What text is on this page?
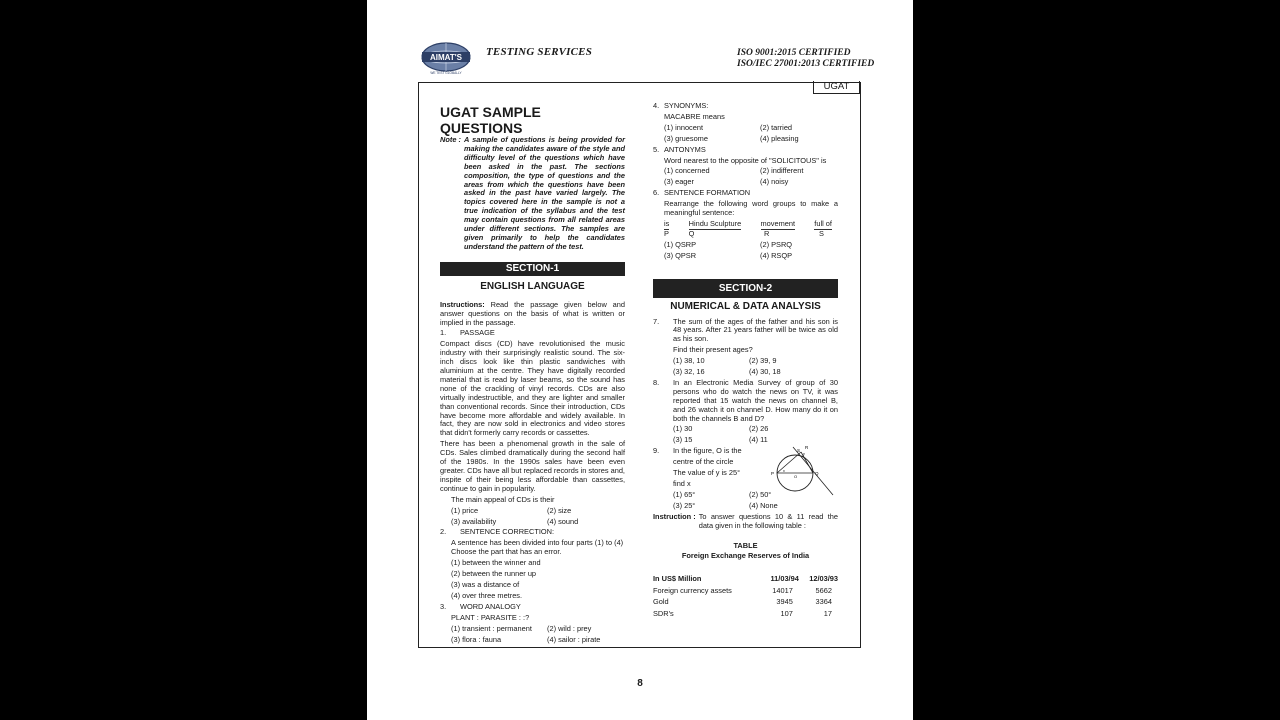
AIMAT'S
WE TEST GLOBALLY
TESTING SERVICES	ISO 9001:2015 CERTIFIED
ISO/IEC 27001:2013 CERTIFIED
UGAT

UGAT SAMPLE QUESTIONS

Note : A sample of questions is being provided for making the candidates aware of the style and difficulty level of the questions which have been asked in the past. The sections composition, the type of questions and the areas from which the questions have been asked in the past have varied largely. The topics covered here in the sample is not a true indication of the syllabus and the test may contain questions from all related areas under different sections. The samples are given primarily to help the candidates understand the pattern of the test.
SECTION-1
ENGLISH LANGUAGE

Instructions: Read the passage given below and answer questions on the basis of what is written or implied in the passage.

1.	PASSAGE

Compact discs (CD) have revolutionised the music industry with their surprisingly realistic sound. The six-inch discs look like thin plastic sandwiches with aluminium at the centre. They have digitally recorded material that is read by laser beams, so the sound has none of the crackling of vinyl records. CDs are also virtually indestructible, and they are lighter and smaller than conventional records. Since their introduction, CDs have become more affordable and widely available. In fact, they are now sold in electronics and video stores that didn't formerly carry records or cassettes.

There has been a phenomenal growth in the sale of CDs. Sales climbed dramatically during the second half of the 1980s. In the 1990s sales have been even greater. CDs have all but replaced records in stores and, inspite of their being less affordable than cassettes, continue to gain in popularity.

The main appeal of CDs is their

(1) price	(2) size
(3) availability	(4) sound
2.	SENTENCE CORRECTION:

A sentence has been divided into four parts (1) to (4) Choose the part that has an error.

(1) between the winner and

(2) between the runner up

(3) was a distance of

(4) over three metres.

3.	WORD ANALOGY

PLANT : PARASITE : :?

(1) transient : permanent	(2) wild : prey
(3) flora : fauna	(4) sailor : pirate
4. SYNONYMS:

MACABRE means

(1) innocent	(2) tarried
(3) gruesome	(4) pleasing
5. ANTONYMS

Word nearest to the opposite of "SOLICITOUS" is

(1) concerned	(2) indifferent
(3) eager	(4) noisy
6. SENTENCE FORMATION

Rearrange the following word groups to make a meaningful sentence:

is	Hindu Sculpture	movement	full of
P	Q	R	S
(1) QSRP	(2) PSRQ
(3) QPSR	(4) RSQP
SECTION-2
NUMERICAL & DATA ANALYSIS
7.	The sum of the ages of the father and his son is 48 years. After 21 years father will be twice as old as his son.

Find their present ages?

(1) 38, 10	(2) 39, 9
(3) 32, 16	(4) 30, 18
8.	In an Electronic Media Survey of group of 30 persons who do watch the news on TV, it was reported that 15 watch the news on channel B, and 26 watch it on channel D. How many do it on both the channels B and D?
(1) 30	(2) 26
(3) 15	(4) 11
9.	In the figure, O is the

centre of the circle

The value of y is 25°

find x

(1) 65°	(2) 50°
(3) 25°	(4) None
P	Q
R
S
O
x
y
Instruction : To answer questions 10 & 11 read the data given in the following table :

TABLE

Foreign Exchange Reserves of India

In US$ Million	11/03/94	12/03/93
Foreign currency assets	14017	5662
Gold	3945	3364
SDR's	107	17
8
